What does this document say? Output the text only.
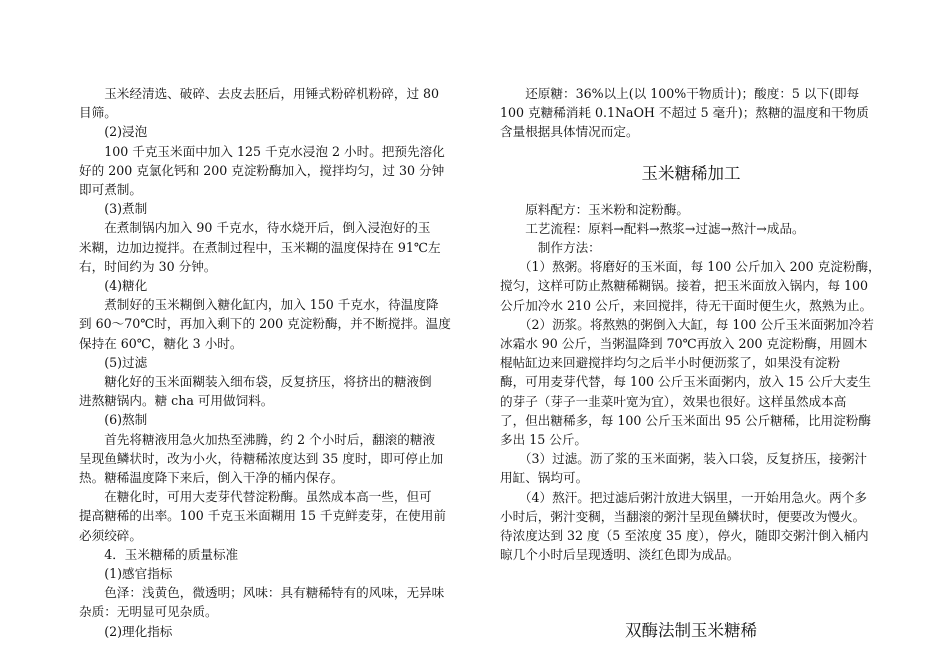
　　玉米经清选、破碎、去皮去胚后，用锤式粉碎机粉碎，过 80

目筛。

　　(2)浸泡

　　100 千克玉米面中加入 125 千克水浸泡 2 小时。把预先溶化

好的 200 克氯化钙和 200 克淀粉酶加入，搅拌均匀，过 30 分钟

即可煮制。

　　(3)煮制

　　在煮制锅内加入 90 千克水，待水烧开后，倒入浸泡好的玉

米糊，边加边搅拌。在煮制过程中，玉米糊的温度保持在 91℃左

右，时间约为 30 分钟。

　　(4)糖化

　　煮制好的玉米糊倒入糖化缸内，加入 150 千克水，待温度降

到 60～70℃时，再加入剩下的 200 克淀粉酶，并不断搅拌。温度

保持在 60℃，糖化 3 小时。

　　(5)过滤

　　糖化好的玉米面糊装入细布袋，反复挤压，将挤出的糖液倒

进熬糖锅内。糖 cha 可用做饲料。

　　(6)熬制

　　首先将糖液用急火加热至沸腾，约 2 个小时后，翻滚的糖液

呈现鱼鳞状时，改为小火，待糖稀浓度达到 35 度时，即可停止加

热。糖稀温度降下来后，倒入干净的桶内保存。

　　在糖化时，可用大麦芽代替淀粉酶。虽然成本高一些，但可

提高糖稀的出率。100 千克玉米面糊用 15 千克鲜麦芽，在使用前

必须绞碎。

　　4．玉米糖稀的质量标准

　　(1)感官指标

　　色泽：浅黄色，微透明；风味：具有糖稀特有的风味，无异味

杂质：无明显可见杂质。

　　(2)理化指标

　　还原糖：36%以上(以 100%干物质计)；酸度：5 以下(即每

100 克糖稀消耗 0.1NaOH 不超过 5 毫升)；熬糖的温度和干物质

含量根据具体情况而定。

玉米糖稀加工

　　原料配方：玉米粉和淀粉酶。

　　工艺流程：原料→配料→熬浆→过滤→熬汁→成品。

　　　制作方法：

　　（1）熬粥。将磨好的玉米面，每 100 公斤加入 200 克淀粉酶，

搅匀，这样可防止熬糖稀糊锅。接着，把玉米面放入锅内，每 100

公斤加冷水 210 公斤，来回搅拌，待无干面时便生火，熬熟为止。

　　（2）沥浆。将熬熟的粥倒入大缸，每 100 公斤玉米面粥加冷若

冰霜水 90 公斤，当粥温降到 70℃再放入 200 克淀粉酶，用圆木

棍帖缸边来回避搅拌均匀之后半小时便沥浆了，如果没有淀粉

酶，可用麦芽代替，每 100 公斤玉米面粥内，放入 15 公斤大麦生

的芽子（芽子一韭菜叶宽为宜），效果也很好。这样虽然成本高

了，但出糖稀多，每 100 公斤玉米面出 95 公斤糖稀，比用淀粉酶

多出 15 公斤。

　　（3）过滤。沥了浆的玉米面粥，装入口袋，反复挤压，接粥汁

用缸、锅均可。

　　（4）熬汗。把过滤后粥汁放进大锅里，一开始用急火。两个多

小时后，粥汁变稠，当翻滚的粥汁呈现鱼鳞状时，便要改为慢火。

待浓度达到 32 度（5 至浓度 35 度），停火，随即交粥汁倒入桶内

晾几个小时后呈现透明、淡红色即为成品。

双酶法制玉米糖稀
